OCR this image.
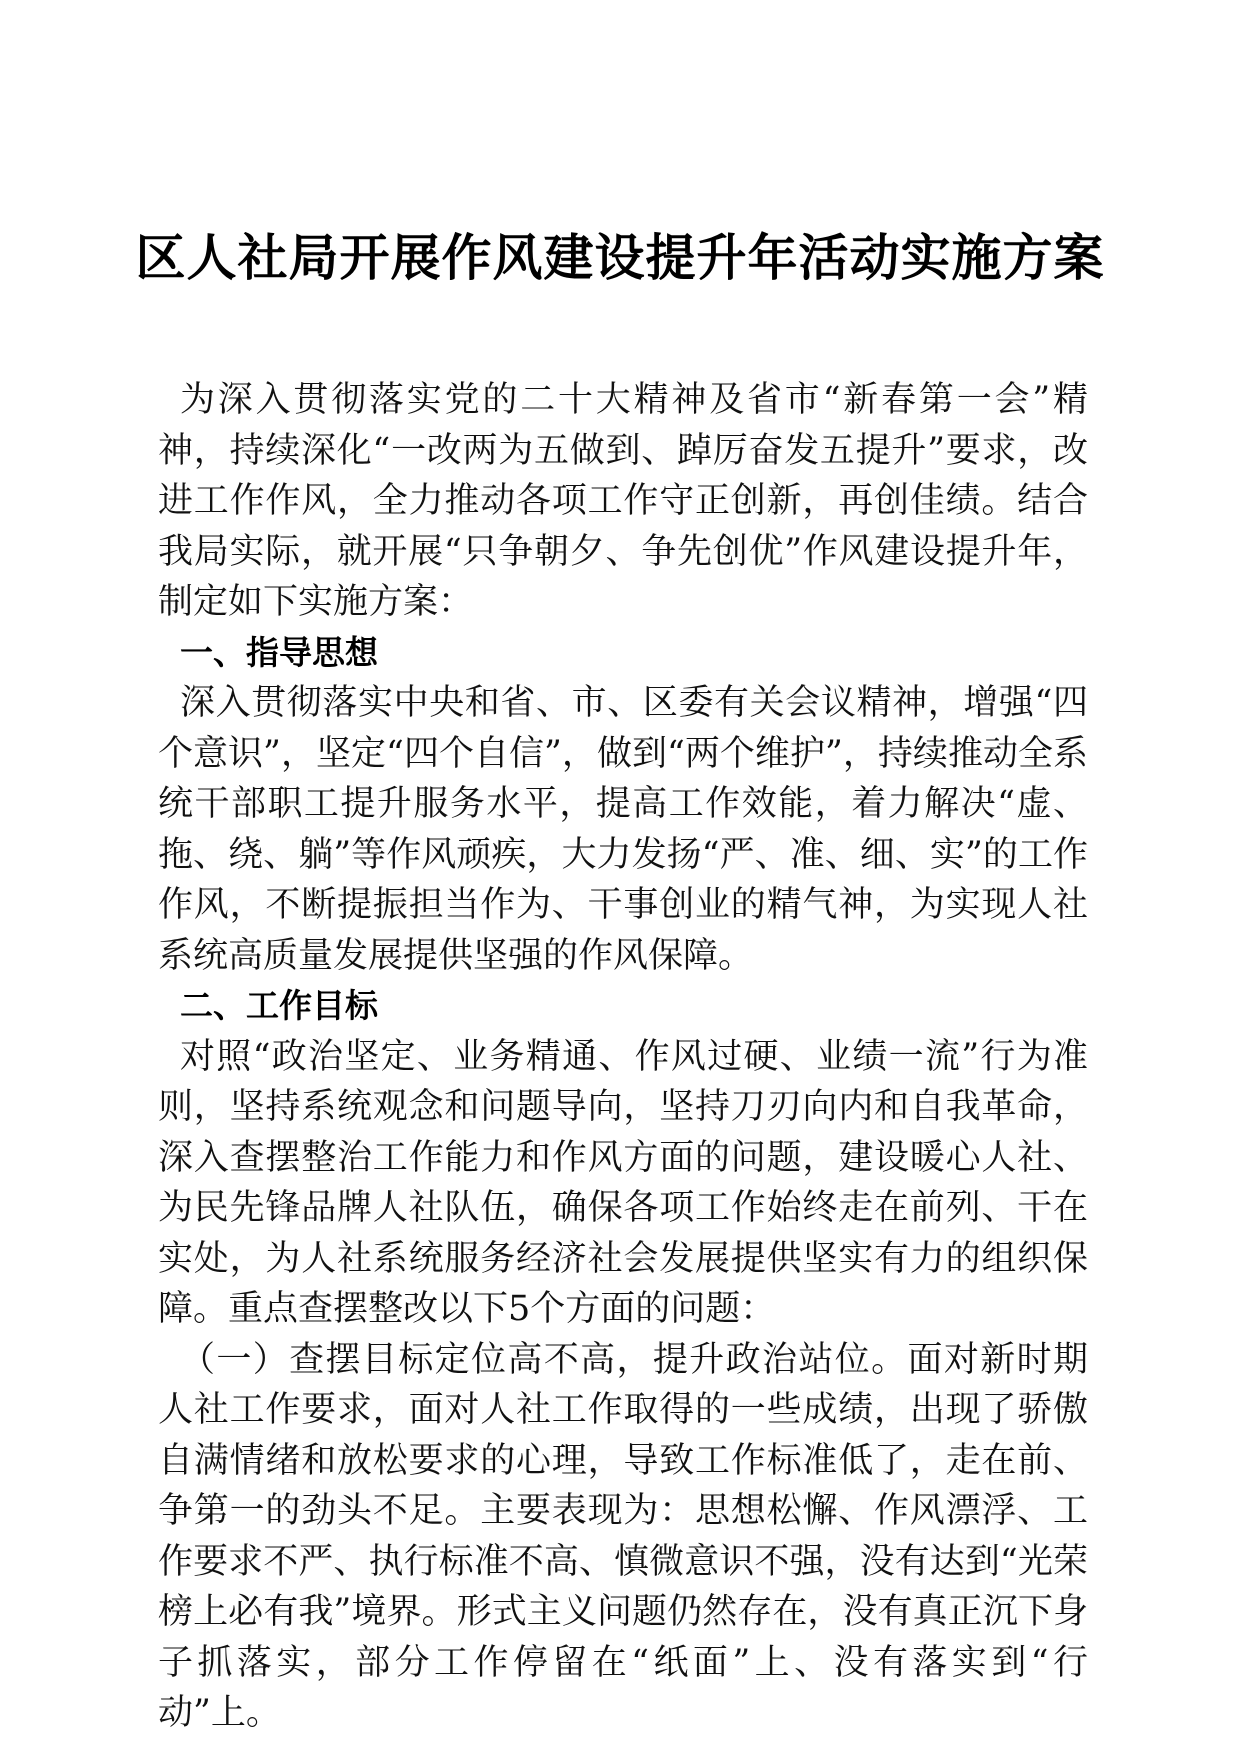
区人社局开展作风建设提升年活动实施方案

为深入贯彻落实党的二十大精神及省市“新春第一会”精神，持续深化“一改两为五做到、踔厉奋发五提升”要求，改进工作作风，全力推动各项工作守正创新，再创佳绩。结合我局实际，就开展“只争朝夕、争先创优”作风建设提升年，制定如下实施方案：

一、指导思想

深入贯彻落实中央和省、市、区委有关会议精神，增强“四个意识”，坚定“四个自信”，做到“两个维护”，持续推动全系统干部职工提升服务水平，提高工作效能，着力解决“虚、拖、绕、躺”等作风顽疾，大力发扬“严、准、细、实”的工作作风，不断提振担当作为、干事创业的精气神，为实现人社系统高质量发展提供坚强的作风保障。

二、工作目标

对照“政治坚定、业务精通、作风过硬、业绩一流”行为准则，坚持系统观念和问题导向，坚持刀刃向内和自我革命，深入查摆整治工作能力和作风方面的问题，建设暖心人社、为民先锋品牌人社队伍，确保各项工作始终走在前列、干在实处，为人社系统服务经济社会发展提供坚实有力的组织保障。重点查摆整改以下5个方面的问题：

（一）查摆目标定位高不高，提升政治站位。面对新时期人社工作要求，面对人社工作取得的一些成绩，出现了骄傲自满情绪和放松要求的心理，导致工作标准低了，走在前、争第一的劲头不足。主要表现为：思想松懈、作风漂浮、工作要求不严、执行标准不高、慎微意识不强，没有达到“光荣榜上必有我”境界。形式主义问题仍然存在，没有真正沉下身子抓落实，部分工作停留在“纸面”上、没有落实到“行动”上。
